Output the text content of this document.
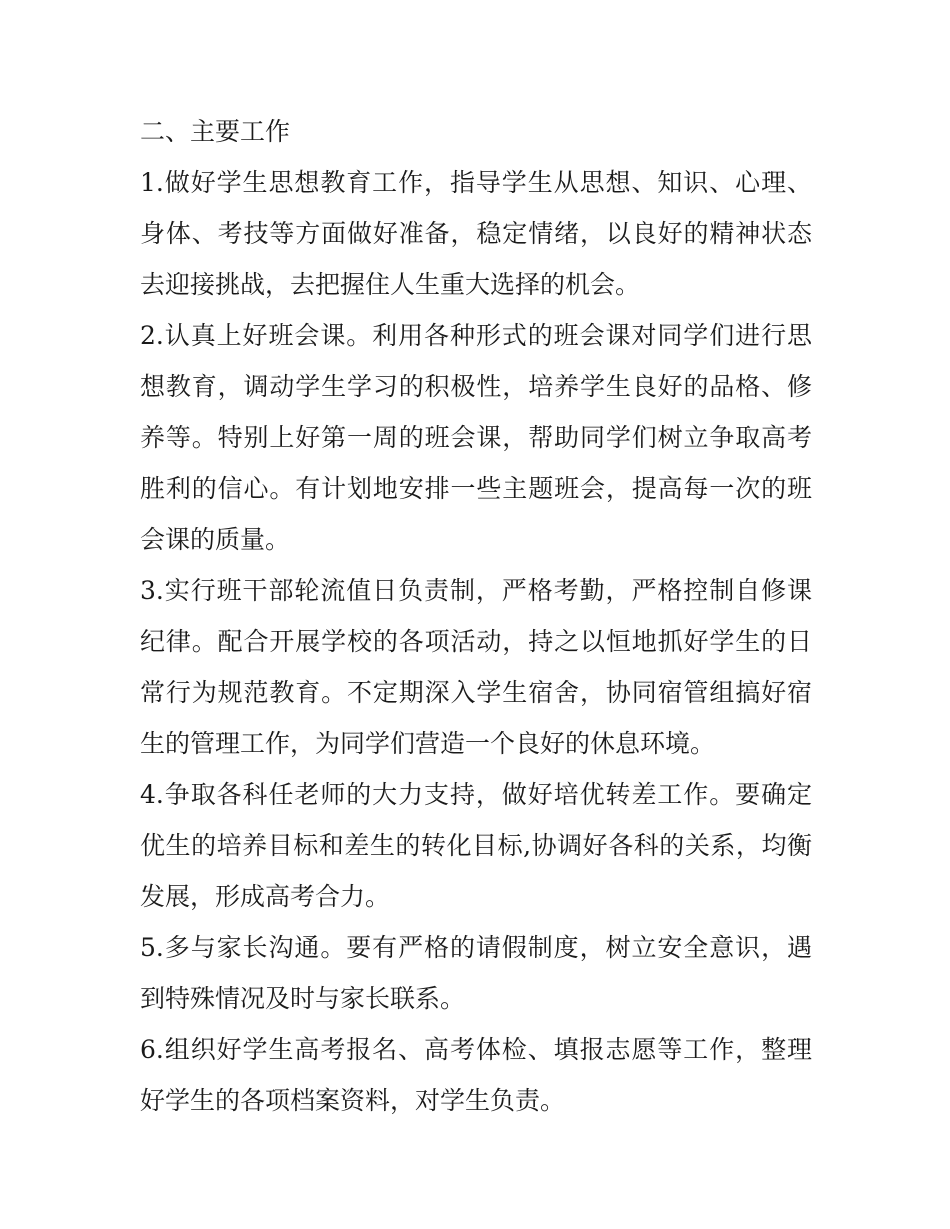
二、主要工作

1.做好学生思想教育工作，指导学生从思想、知识、心理、身体、考技等方面做好准备，稳定情绪，以良好的精神状态去迎接挑战，去把握住人生重大选择的机会。

2.认真上好班会课。利用各种形式的班会课对同学们进行思想教育，调动学生学习的积极性，培养学生良好的品格、修养等。特别上好第一周的班会课，帮助同学们树立争取高考胜利的信心。有计划地安排一些主题班会，提高每一次的班会课的质量。

3.实行班干部轮流值日负责制，严格考勤，严格控制自修课纪律。配合开展学校的各项活动，持之以恒地抓好学生的日常行为规范教育。不定期深入学生宿舍，协同宿管组搞好宿生的管理工作，为同学们营造一个良好的休息环境。

4.争取各科任老师的大力支持，做好培优转差工作。要确定优生的培养目标和差生的转化目标,协调好各科的关系，均衡发展，形成高考合力。

5.多与家长沟通。要有严格的请假制度，树立安全意识，遇到特殊情况及时与家长联系。

6.组织好学生高考报名、高考体检、填报志愿等工作，整理好学生的各项档案资料，对学生负责。
